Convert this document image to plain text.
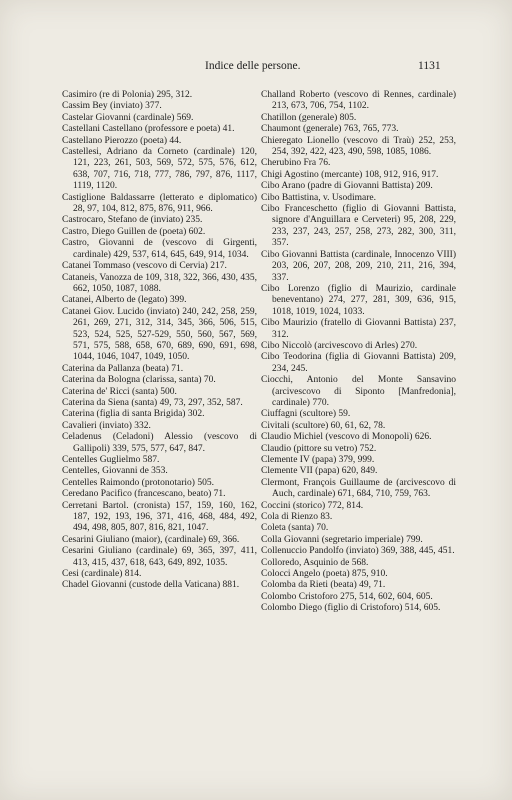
Indice delle persone.	1131

Casimiro (re di Polonia) 295, 312.

Cassim Bey (inviato) 377.

Castelar Giovanni (cardinale) 569.

Castellani Castellano (professore e poeta) 41.

Castellano Pierozzo (poeta) 44.

Castellesi, Adriano da Corneto (cardinale) 120, 121, 223, 261, 503, 569, 572, 575, 576, 612, 638, 707, 716, 718, 777, 786, 797, 876, 1117, 1119, 1120.

Castiglione Baldassarre (letterato e diplomatico) 28, 97, 104, 812, 875, 876, 911, 966.

Castrocaro, Stefano de (inviato) 235.

Castro, Diego Guillen de (poeta) 602.

Castro, Giovanni de (vescovo di Girgenti, cardinale) 429, 537, 614, 645, 649, 914, 1034.

Catanei Tommaso (vescovo di Cervia) 217.

Cataneis, Vanozza de 109, 318, 322, 366, 430, 435, 662, 1050, 1087, 1088.

Catanei, Alberto de (legato) 399.

Catanei Giov. Lucido (inviato) 240, 242, 258, 259, 261, 269, 271, 312, 314, 345, 366, 506, 515, 523, 524, 525, 527-529, 550, 560, 567, 569, 571, 575, 588, 658, 670, 689, 690, 691, 698, 1044, 1046, 1047, 1049, 1050.

Caterina da Pallanza (beata) 71.

Caterina da Bologna (clarissa, santa) 70.

Caterina de' Ricci (santa) 500.

Caterina da Siena (santa) 49, 73, 297, 352, 587.

Caterina (figlia di santa Brigida) 302.

Cavalieri (inviato) 332.

Celadenus (Celadoni) Alessio (vescovo di Gallipoli) 339, 575, 577, 647, 847.

Centelles Guglielmo 587.

Centelles, Giovanni de 353.

Centelles Raimondo (protonotario) 505.

Ceredano Pacifico (francescano, beato) 71.

Cerretani Bartol. (cronista) 157, 159, 160, 162, 187, 192, 193, 196, 371, 416, 468, 484, 492, 494, 498, 805, 807, 816, 821, 1047.

Cesarini Giuliano (maior), (cardinale) 69, 366.

Cesarini Giuliano (cardinale) 69, 365, 397, 411, 413, 415, 437, 618, 643, 649, 892, 1035.

Cesi (cardinale) 814.

Chadel Giovanni (custode della Vaticana) 881.

Challand Roberto (vescovo di Rennes, cardinale) 213, 673, 706, 754, 1102.

Chatillon (generale) 805.

Chaumont (generale) 763, 765, 773.

Chieregato Lionello (vescovo di Traù) 252, 253, 254, 392, 422, 423, 490, 598, 1085, 1086.

Cherubino Fra 76.

Chigi Agostino (mercante) 108, 912, 916, 917.

Cibo Arano (padre di Giovanni Battista) 209.

Cibo Battistina, v. Usodimare.

Cibo Franceschetto (figlio di Giovanni Battista, signore d'Anguillara e Cerveteri) 95, 208, 229, 233, 237, 243, 257, 258, 273, 282, 300, 311, 357.

Cibo Giovanni Battista (cardinale, Innocenzo VIII) 203, 206, 207, 208, 209, 210, 211, 216, 394, 337.

Cibo Lorenzo (figlio di Maurizio, cardinale beneventano) 274, 277, 281, 309, 636, 915, 1018, 1019, 1024, 1033.

Cibo Maurizio (fratello di Giovanni Battista) 237, 312.

Cibo Niccolò (arcivescovo di Arles) 270.

Cibo Teodorina (figlia di Giovanni Battista) 209, 234, 245.

Ciocchi, Antonio del Monte Sansavino (arcivescovo di Siponto [Manfredonia], cardinale) 770.

Ciuffagni (scultore) 59.

Civitali (scultore) 60, 61, 62, 78.

Claudio Michiel (vescovo di Monopoli) 626.

Claudio (pittore su vetro) 752.

Clemente IV (papa) 379, 999.

Clemente VII (papa) 620, 849.

Clermont, François Guillaume de (arcivescovo di Auch, cardinale) 671, 684, 710, 759, 763.

Coccini (storico) 772, 814.

Cola di Rienzo 83.

Coleta (santa) 70.

Colla Giovanni (segretario imperiale) 799.

Collenuccio Pandolfo (inviato) 369, 388, 445, 451.

Colloredo, Asquinio de 568.

Colocci Angelo (poeta) 875, 910.

Colomba da Rieti (beata) 49, 71.

Colombo Cristoforo 275, 514, 602, 604, 605.

Colombo Diego (figlio di Cristoforo) 514, 605.
